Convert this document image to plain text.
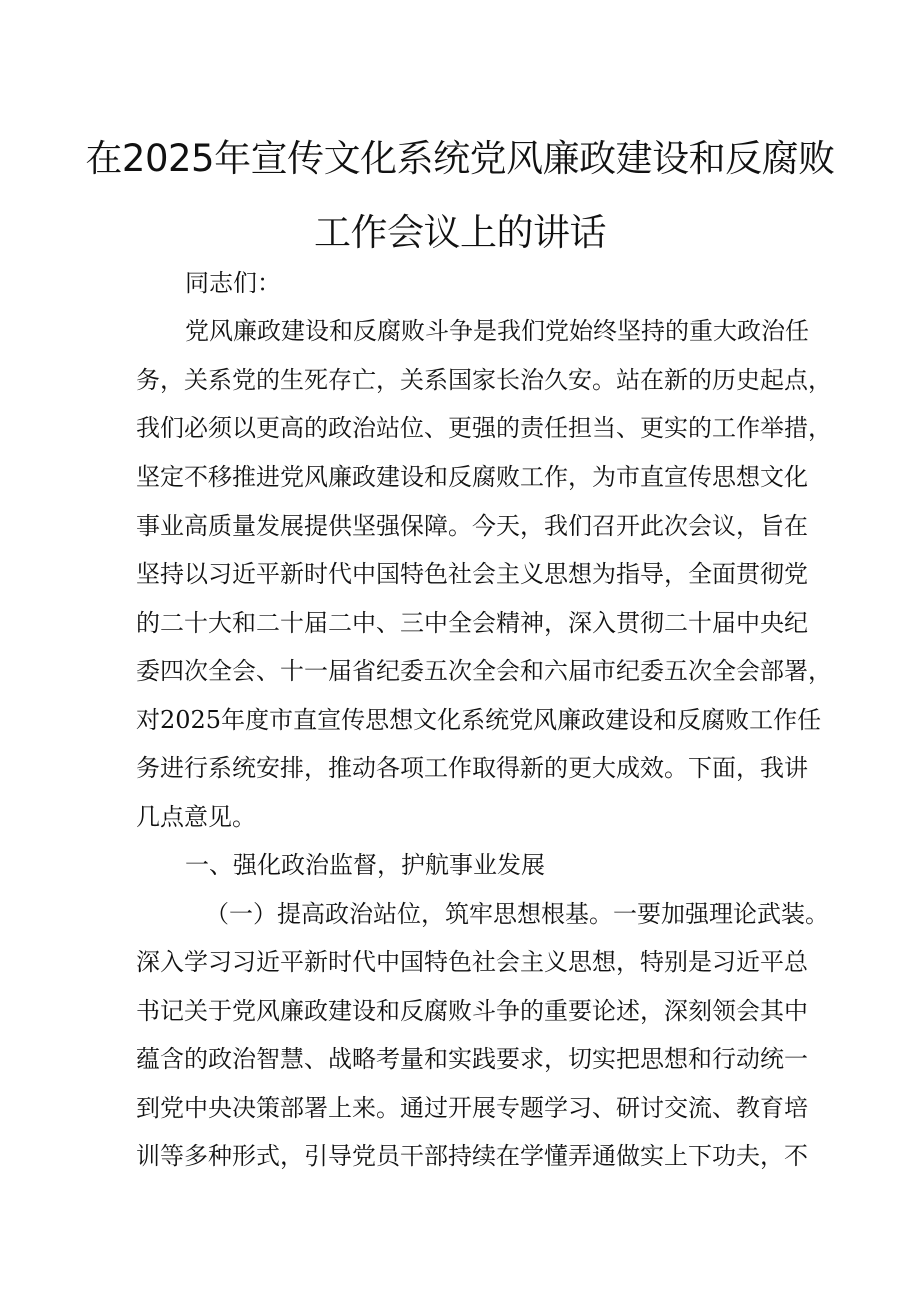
在2025年宣传文化系统党风廉政建设和反腐败
工作会议上的讲话
同志们：
党风廉政建设和反腐败斗争是我们党始终坚持的重大政治任
务，关系党的生死存亡，关系国家长治久安。站在新的历史起点，
我们必须以更高的政治站位、更强的责任担当、更实的工作举措，
坚定不移推进党风廉政建设和反腐败工作，为市直宣传思想文化
事业高质量发展提供坚强保障。今天，我们召开此次会议，旨在
坚持以习近平新时代中国特色社会主义思想为指导，全面贯彻党
的二十大和二十届二中、三中全会精神，深入贯彻二十届中央纪
委四次全会、十一届省纪委五次全会和六届市纪委五次全会部署，
对2025年度市直宣传思想文化系统党风廉政建设和反腐败工作任
务进行系统安排，推动各项工作取得新的更大成效。下面，我讲
几点意见。
一、强化政治监督，护航事业发展
（一）提高政治站位，筑牢思想根基。一要加强理论武装。
深入学习习近平新时代中国特色社会主义思想，特别是习近平总
书记关于党风廉政建设和反腐败斗争的重要论述，深刻领会其中
蕴含的政治智慧、战略考量和实践要求，切实把思想和行动统一
到党中央决策部署上来。通过开展专题学习、研讨交流、教育培
训等多种形式，引导党员干部持续在学懂弄通做实上下功夫，不
